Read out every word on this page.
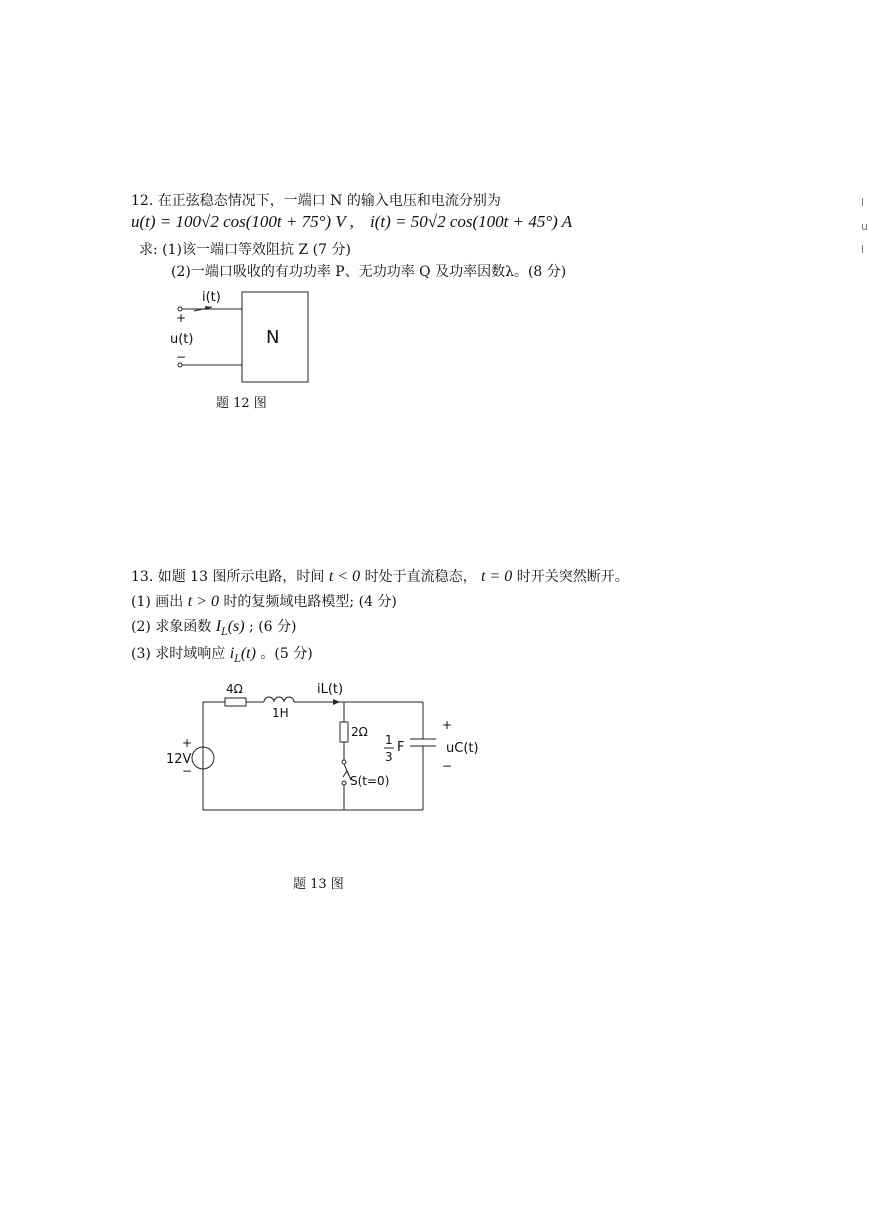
l
u
l
12. 在正弦稳态情况下，一端口 N 的输入电压和电流分别为
u(t) = 100√2 cos(100t + 75°) V , i(t) = 50√2 cos(100t + 45°) A
求: (1)该一端口等效阻抗 Z (7 分)
(2)一端口吸收的有功功率 P、无功功率 Q 及功率因数λ。(8 分)
i(t)
+
u(t)
−
N
题 12 图
13. 如题 13 图所示电路，时间 t < 0 时处于直流稳态， t = 0 时开关突然断开。
(1) 画出 t > 0 时的复频域电路模型; (4 分)
(2) 求象函数 $I_L(s)$ ; (6 分)
(3) 求时域响应 $i_L(t)$ 。(5 分)
4Ω
1H
iL(t)
+
12V
−
2Ω
1
3
F
+
uC(t)
−
S(t=0)
题 13 图
